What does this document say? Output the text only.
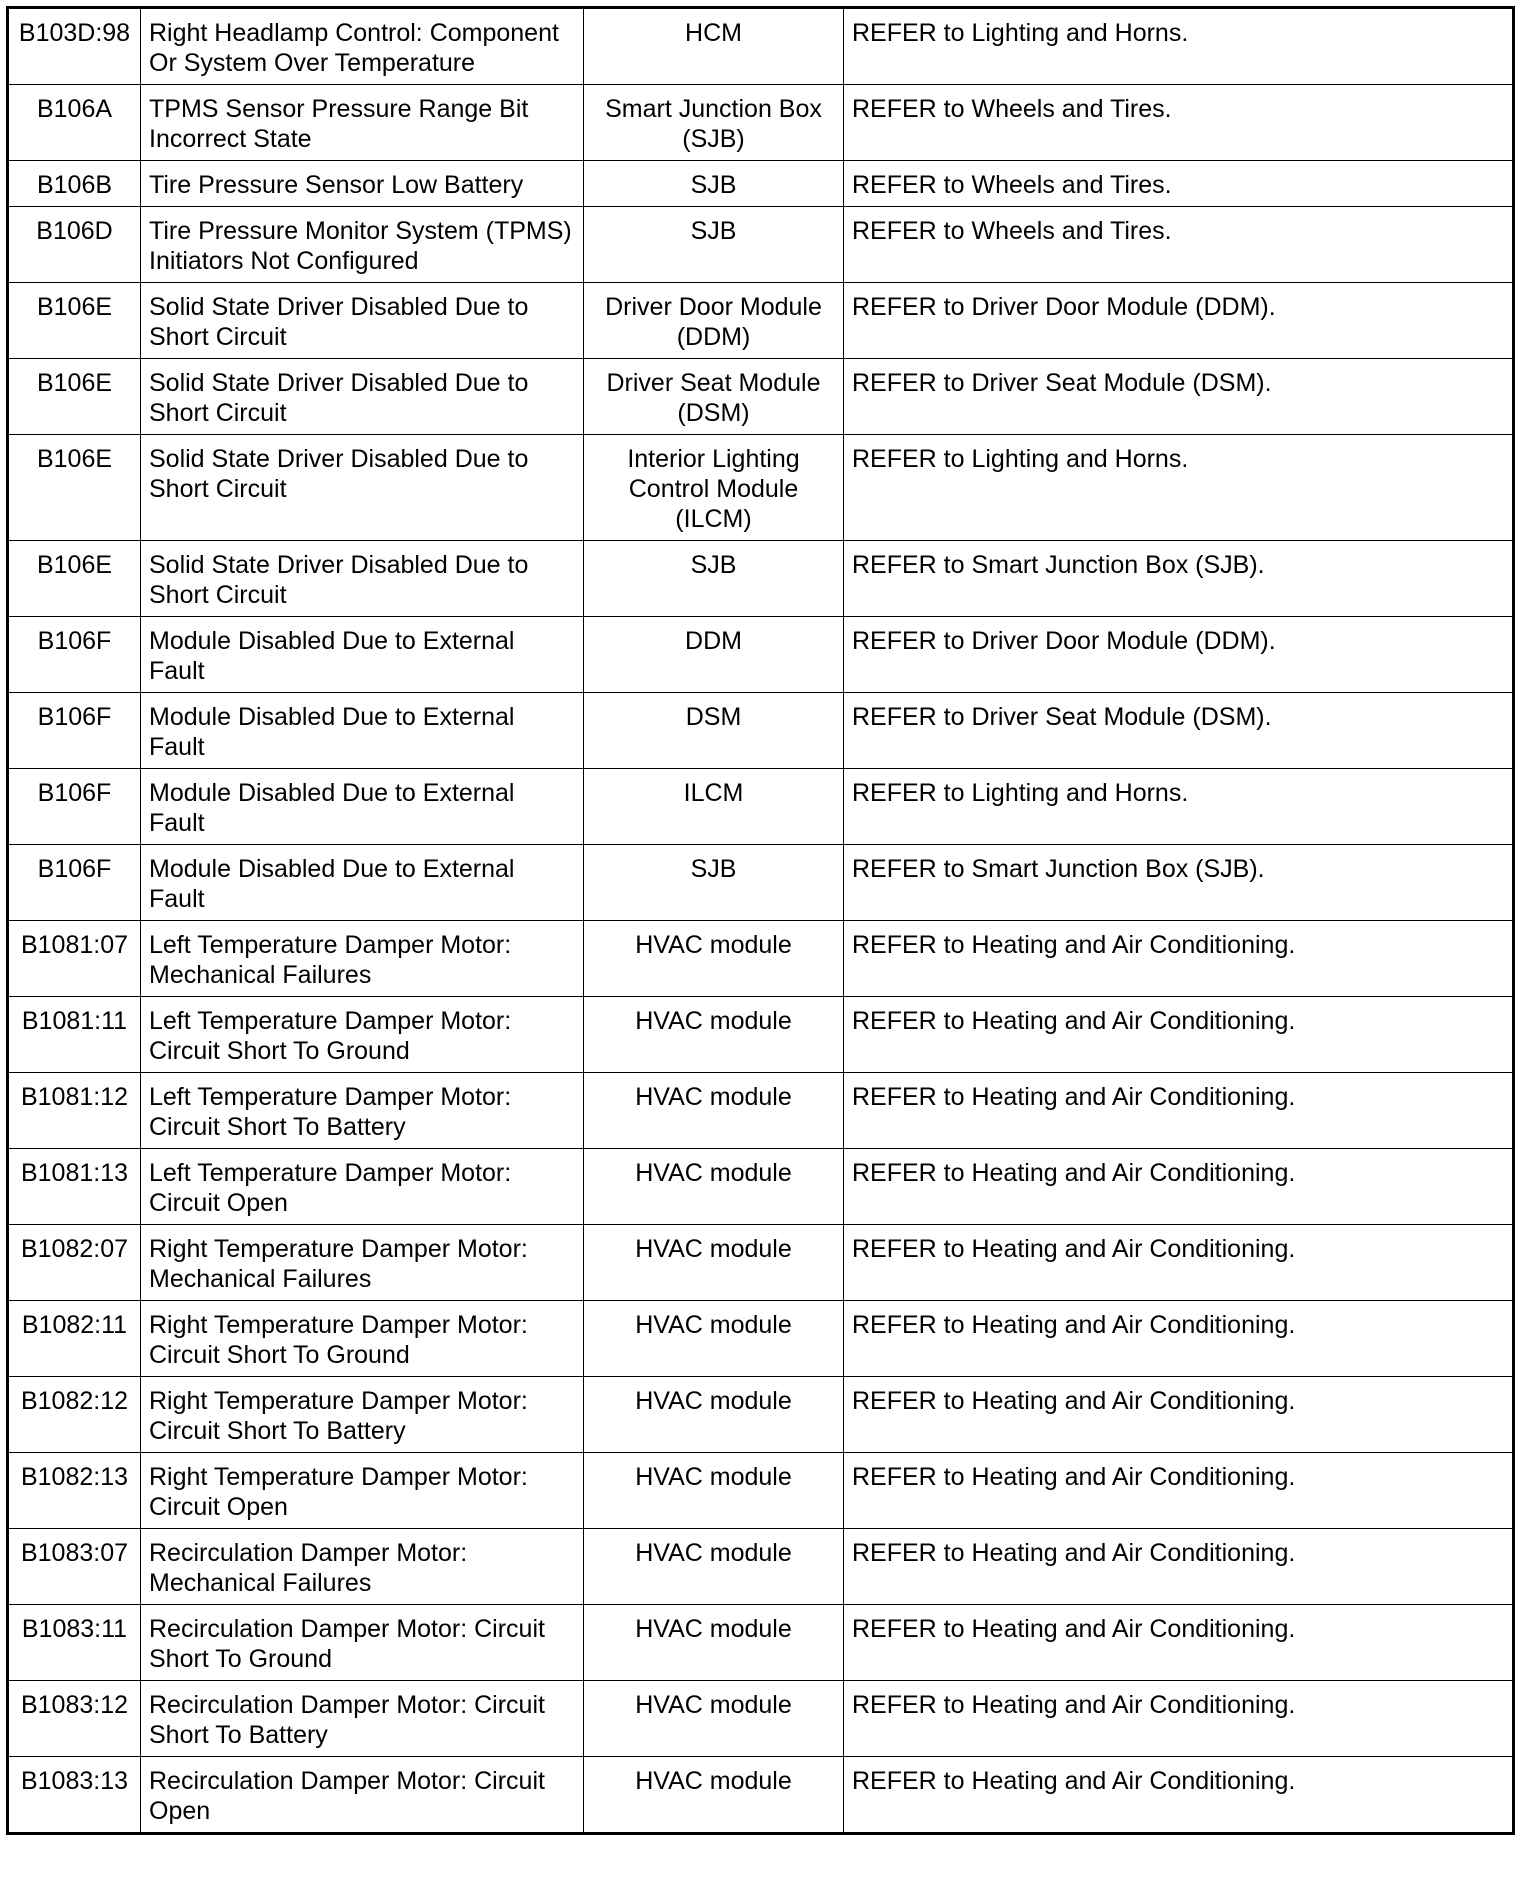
B103D:98	Right Headlamp Control: Component Or System Over Temperature	HCM	REFER to Lighting and Horns.
B106A	TPMS Sensor Pressure Range Bit Incorrect State	Smart Junction Box (SJB)	REFER to Wheels and Tires.
B106B	Tire Pressure Sensor Low Battery	SJB	REFER to Wheels and Tires.
B106D	Tire Pressure Monitor System (TPMS) Initiators Not Configured	SJB	REFER to Wheels and Tires.
B106E	Solid State Driver Disabled Due to Short Circuit	Driver Door Module (DDM)	REFER to Driver Door Module (DDM).
B106E	Solid State Driver Disabled Due to Short Circuit	Driver Seat Module (DSM)	REFER to Driver Seat Module (DSM).
B106E	Solid State Driver Disabled Due to Short Circuit	Interior Lighting Control Module (ILCM)	REFER to Lighting and Horns.
B106E	Solid State Driver Disabled Due to Short Circuit	SJB	REFER to Smart Junction Box (SJB).
B106F	Module Disabled Due to External Fault	DDM	REFER to Driver Door Module (DDM).
B106F	Module Disabled Due to External Fault	DSM	REFER to Driver Seat Module (DSM).
B106F	Module Disabled Due to External Fault	ILCM	REFER to Lighting and Horns.
B106F	Module Disabled Due to External Fault	SJB	REFER to Smart Junction Box (SJB).
B1081:07	Left Temperature Damper Motor: Mechanical Failures	HVAC module	REFER to Heating and Air Conditioning.
B1081:11	Left Temperature Damper Motor: Circuit Short To Ground	HVAC module	REFER to Heating and Air Conditioning.
B1081:12	Left Temperature Damper Motor: Circuit Short To Battery	HVAC module	REFER to Heating and Air Conditioning.
B1081:13	Left Temperature Damper Motor: Circuit Open	HVAC module	REFER to Heating and Air Conditioning.
B1082:07	Right Temperature Damper Motor: Mechanical Failures	HVAC module	REFER to Heating and Air Conditioning.
B1082:11	Right Temperature Damper Motor: Circuit Short To Ground	HVAC module	REFER to Heating and Air Conditioning.
B1082:12	Right Temperature Damper Motor: Circuit Short To Battery	HVAC module	REFER to Heating and Air Conditioning.
B1082:13	Right Temperature Damper Motor: Circuit Open	HVAC module	REFER to Heating and Air Conditioning.
B1083:07	Recirculation Damper Motor: Mechanical Failures	HVAC module	REFER to Heating and Air Conditioning.
B1083:11	Recirculation Damper Motor: Circuit Short To Ground	HVAC module	REFER to Heating and Air Conditioning.
B1083:12	Recirculation Damper Motor: Circuit Short To Battery	HVAC module	REFER to Heating and Air Conditioning.
B1083:13	Recirculation Damper Motor: Circuit Open	HVAC module	REFER to Heating and Air Conditioning.
